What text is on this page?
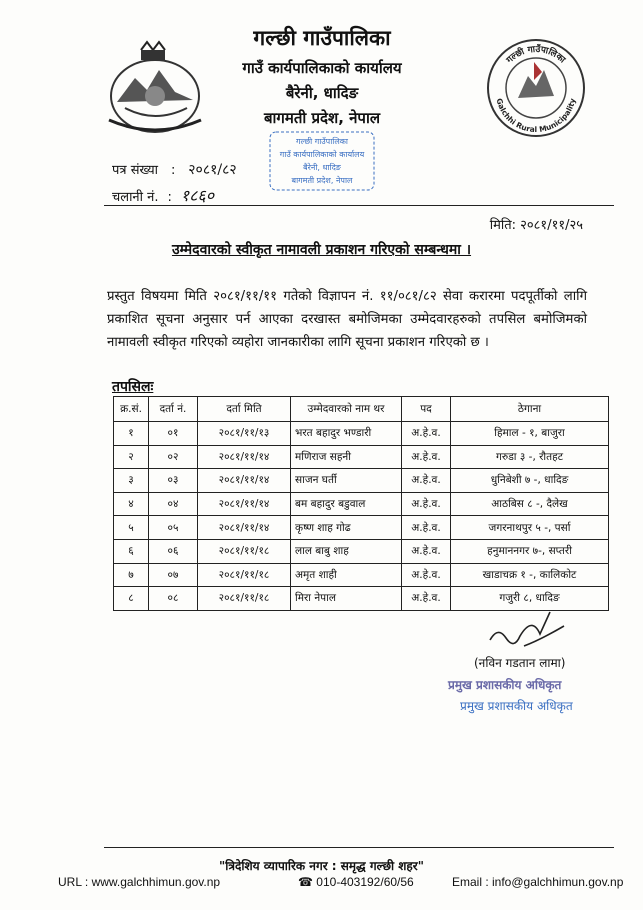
गल्छी गाउँपालिका
गाउँ कार्यपालिकाको कार्यालय
बैरेनी, धादिङ
बागमती प्रदेश, नेपाल
गल्छी गाउँपालिका
Galchhi Rural Municipality
गल्छी गाउँपालिका
गाउँ कार्यपालिकाको कार्यालय
बैरेनी, धादिङ
बागमती प्रदेश, नेपाल
पत्र संख्या : २०८१/८२
चलानी नं. : १८६०
मिति: २०८१/११/२५
उम्मेदवारको स्वीकृत नामावली प्रकाशन गरिएको सम्बन्धमा ।
प्रस्तुत विषयमा मिति २०८१/११/११ गतेको विज्ञापन नं. ११/०८१/८२ सेवा करारमा पदपूर्तीको लागि प्रकाशित सूचना अनुसार पर्न आएका दरखास्त बमोजिमका उम्मेदवारहरुको तपसिल बमोजिमको नामावली स्वीकृत गरिएको व्यहोरा जानकारीका लागि सूचना प्रकाशन गरिएको छ ।
तपसिलः
क्र.सं.	दर्ता नं.	दर्ता मिति	उम्मेदवारको नाम थर	पद	ठेगाना
१	०१	२०८१/११/१३	भरत बहादुर भण्डारी	अ.हे.व.	हिमाल - १, बाजुरा
२	०२	२०८१/११/१४	मणिराज सहनी	अ.हे.व.	गरुडा ३ -, रौतहट
३	०३	२०८१/११/१४	साजन घर्ती	अ.हे.व.	धुनिबेशी ७ -, धादिङ
४	०४	२०८१/११/१४	बम बहादुर बडुवाल	अ.हे.व.	आठबिस ८ -, दैलेख
५	०५	२०८१/११/१४	कृष्ण शाह गोढ	अ.हे.व.	जगरनाथपुर ५ -, पर्सा
६	०६	२०८१/११/१८	लाल बाबु शाह	अ.हे.व.	हनुमाननगर ७-, सप्तरी
७	०७	२०८१/११/१८	अमृत शाही	अ.हे.व.	खाडाचक्र १ -, कालिकोट
८	०८	२०८१/११/१८	मिरा नेपाल	अ.हे.व.	गजुरी ८, धादिङ
(नविन गडतान लामा)
प्रमुख प्रशासकीय अधिकृत
प्रमुख प्रशासकीय अधिकृत
"त्रिदेशिय व्यापारिक नगर : समृद्ध गल्छी शहर"
URL : www.galchhimun.gov.np	☎ 010-403192/60/56	Email : info@galchhimun.gov.np
